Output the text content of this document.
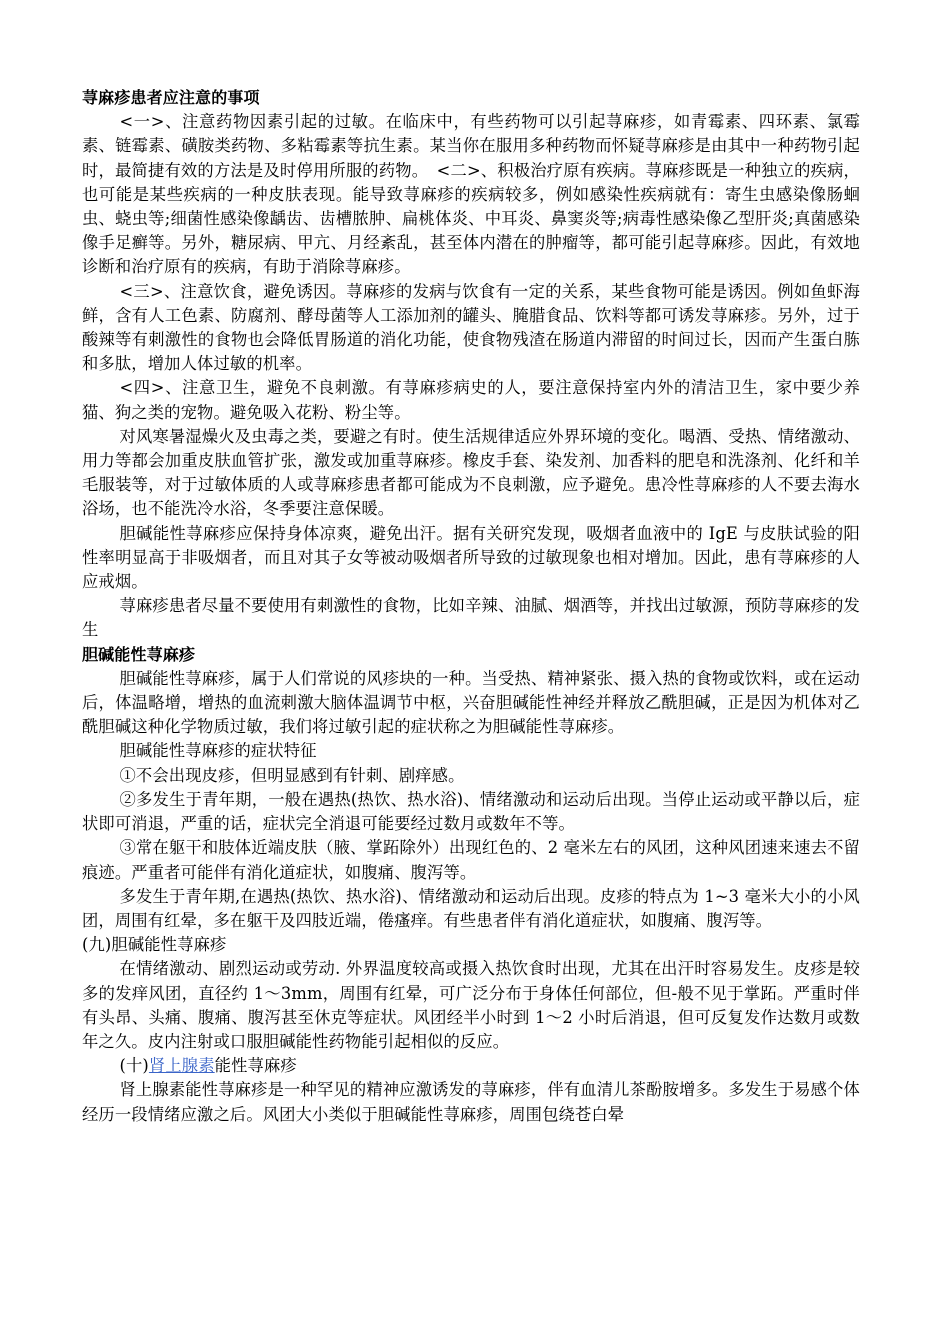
荨麻疹患者应注意的事项

<一>、注意药物因素引起的过敏。在临床中，有些药物可以引起荨麻疹，如青霉素、四环素、氯霉素、链霉素、磺胺类药物、多粘霉素等抗生素。某当你在服用多种药物而怀疑荨麻疹是由其中一种药物引起时，最简捷有效的方法是及时停用所服的药物。　<二>、积极治疗原有疾病。荨麻疹既是一种独立的疾病，也可能是某些疾病的一种皮肤表现。能导致荨麻疹的疾病较多，例如感染性疾病就有：寄生虫感染像肠蛔虫、蛲虫等;细菌性感染像龋齿、齿槽脓肿、扁桃体炎、中耳炎、鼻窦炎等;病毒性感染像乙型肝炎;真菌感染像手足癣等。另外，糖尿病、甲亢、月经紊乱，甚至体内潜在的肿瘤等，都可能引起荨麻疹。因此，有效地诊断和治疗原有的疾病，有助于消除荨麻疹。

<三>、注意饮食，避免诱因。荨麻疹的发病与饮食有一定的关系，某些食物可能是诱因。例如鱼虾海鲜，含有人工色素、防腐剂、酵母菌等人工添加剂的罐头、腌腊食品、饮料等都可诱发荨麻疹。另外，过于酸辣等有刺激性的食物也会降低胃肠道的消化功能，使食物残渣在肠道内滞留的时间过长，因而产生蛋白胨和多肽，增加人体过敏的机率。

<四>、注意卫生，避免不良刺激。有荨麻疹病史的人，要注意保持室内外的清洁卫生，家中要少养猫、狗之类的宠物。避免吸入花粉、粉尘等。

对风寒暑湿燥火及虫毒之类，要避之有时。使生活规律适应外界环境的变化。喝酒、受热、情绪激动、用力等都会加重皮肤血管扩张，激发或加重荨麻疹。橡皮手套、染发剂、加香料的肥皂和洗涤剂、化纤和羊毛服装等，对于过敏体质的人或荨麻疹患者都可能成为不良刺激，应予避免。患冷性荨麻疹的人不要去海水浴场，也不能洗冷水浴，冬季要注意保暖。

胆碱能性荨麻疹应保持身体凉爽，避免出汗。据有关研究发现，吸烟者血液中的 IgE 与皮肤试验的阳性率明显高于非吸烟者，而且对其子女等被动吸烟者所导致的过敏现象也相对增加。因此，患有荨麻疹的人应戒烟。

荨麻疹患者尽量不要使用有刺激性的食物，比如辛辣、油腻、烟酒等，并找出过敏源，预防荨麻疹的发生

胆碱能性荨麻疹

胆碱能性荨麻疹，属于人们常说的风疹块的一种。当受热、精神紧张、摄入热的食物或饮料，或在运动后，体温略增，增热的血流刺激大脑体温调节中枢，兴奋胆碱能性神经并释放乙酰胆碱，正是因为机体对乙酰胆碱这种化学物质过敏，我们将过敏引起的症状称之为胆碱能性荨麻疹。

胆碱能性荨麻疹的症状特征

①不会出现皮疹，但明显感到有针刺、剧痒感。

②多发生于青年期，一般在遇热(热饮、热水浴)、情绪激动和运动后出现。当停止运动或平静以后，症状即可消退，严重的话，症状完全消退可能要经过数月或数年不等。

③常在躯干和肢体近端皮肤（腋、掌跖除外）出现红色的、2 毫米左右的风团，这种风团速来速去不留痕迹。严重者可能伴有消化道症状，如腹痛、腹泻等。

多发生于青年期,在遇热(热饮、热水浴)、情绪激动和运动后出现。皮疹的特点为 1~3 毫米大小的小风团，周围有红晕，多在躯干及四肢近端，倦瘙痒。有些患者伴有消化道症状，如腹痛、腹泻等。

(九)胆碱能性荨麻疹

在情绪激动、剧烈运动或劳动. 外界温度较高或摄入热饮食时出现，尤其在出汗时容易发生。皮疹是较多的发痒风团，直径约 1～3mm，周围有红晕，可广泛分布于身体任何部位，但-般不见于掌跖。严重时伴有头昂、头痛、腹痛、腹泻甚至休克等症状。风团经半小时到 1～2 小时后消退，但可反复发作达数月或数年之久。皮内注射或口服胆碱能性药物能引起相似的反应。

(十)肾上腺素能性荨麻疹

肾上腺素能性荨麻疹是一种罕见的精神应激诱发的荨麻疹，伴有血清儿茶酚胺增多。多发生于易感个体经历一段情绪应激之后。风团大小类似于胆碱能性荨麻疹，周围包绕苍白晕
